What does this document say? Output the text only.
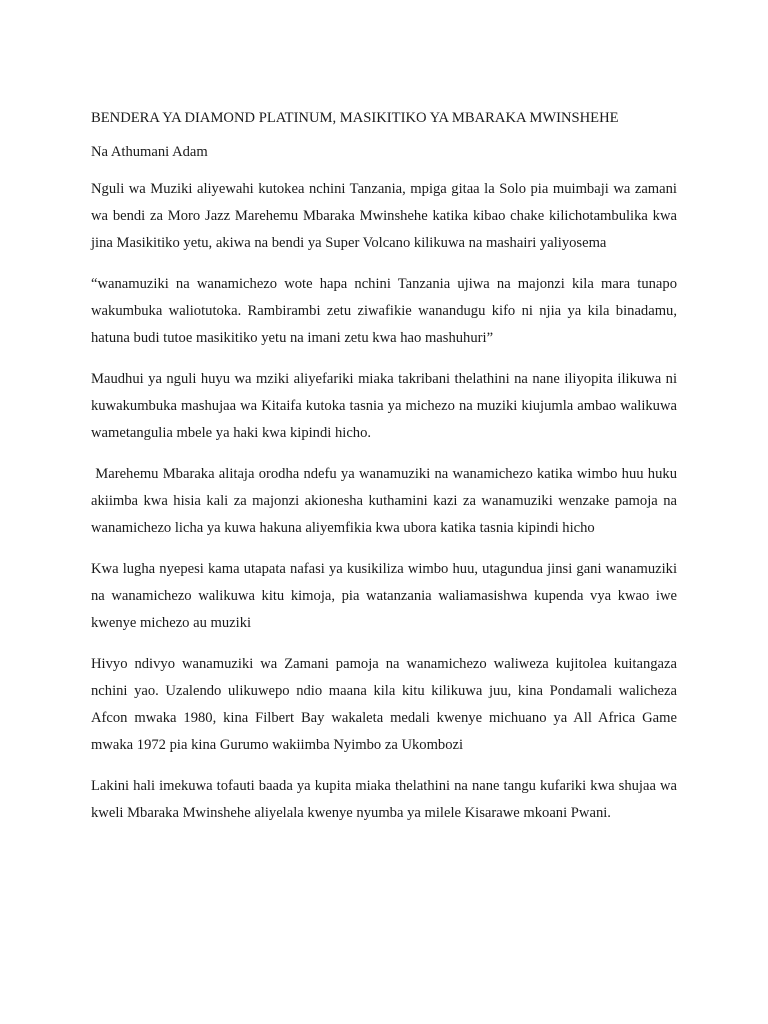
BENDERA YA DIAMOND PLATINUM, MASIKITIKO YA MBARAKA MWINSHEHE

Na Athumani Adam

Nguli wa Muziki aliyewahi kutokea nchini Tanzania, mpiga gitaa la Solo pia muimbaji wa zamani wa bendi za Moro Jazz Marehemu Mbaraka Mwinshehe katika kibao chake kilichotambulika kwa jina Masikitiko yetu, akiwa na bendi ya Super Volcano kilikuwa na mashairi yaliyosema

“wanamuziki na wanamichezo wote hapa nchini Tanzania ujiwa na majonzi kila mara tunapo wakumbuka waliotutoka. Rambirambi zetu ziwafikie wanandugu kifo ni njia ya kila binadamu, hatuna budi tutoe masikitiko yetu na imani zetu kwa hao mashuhuri”

Maudhui ya nguli huyu wa mziki aliyefariki miaka takribani thelathini na nane iliyopita ilikuwa ni kuwakumbuka mashujaa wa Kitaifa kutoka tasnia ya michezo na muziki kiujumla ambao walikuwa wametangulia mbele ya haki kwa kipindi hicho.

Marehemu Mbaraka alitaja orodha ndefu ya wanamuziki na wanamichezo katika wimbo huu huku akiimba kwa hisia kali za majonzi akionesha kuthamini kazi za wanamuziki wenzake pamoja na wanamichezo licha ya kuwa hakuna aliyemfikia kwa ubora katika tasnia kipindi hicho

Kwa lugha nyepesi kama utapata nafasi ya kusikiliza wimbo huu, utagundua jinsi gani wanamuziki na wanamichezo walikuwa kitu kimoja, pia watanzania waliamasishwa kupenda vya kwao iwe kwenye michezo au muziki

Hivyo ndivyo wanamuziki wa Zamani pamoja na wanamichezo waliweza kujitolea kuitangaza nchini yao. Uzalendo ulikuwepo ndio maana kila kitu kilikuwa juu, kina Pondamali walicheza Afcon mwaka 1980, kina Filbert Bay wakaleta medali kwenye michuano ya All Africa Game mwaka 1972 pia kina Gurumo wakiimba Nyimbo za Ukombozi

Lakini hali imekuwa tofauti baada ya kupita miaka thelathini na nane tangu kufariki kwa shujaa wa kweli Mbaraka Mwinshehe aliyelala kwenye nyumba ya milele Kisarawe mkoani Pwani.
